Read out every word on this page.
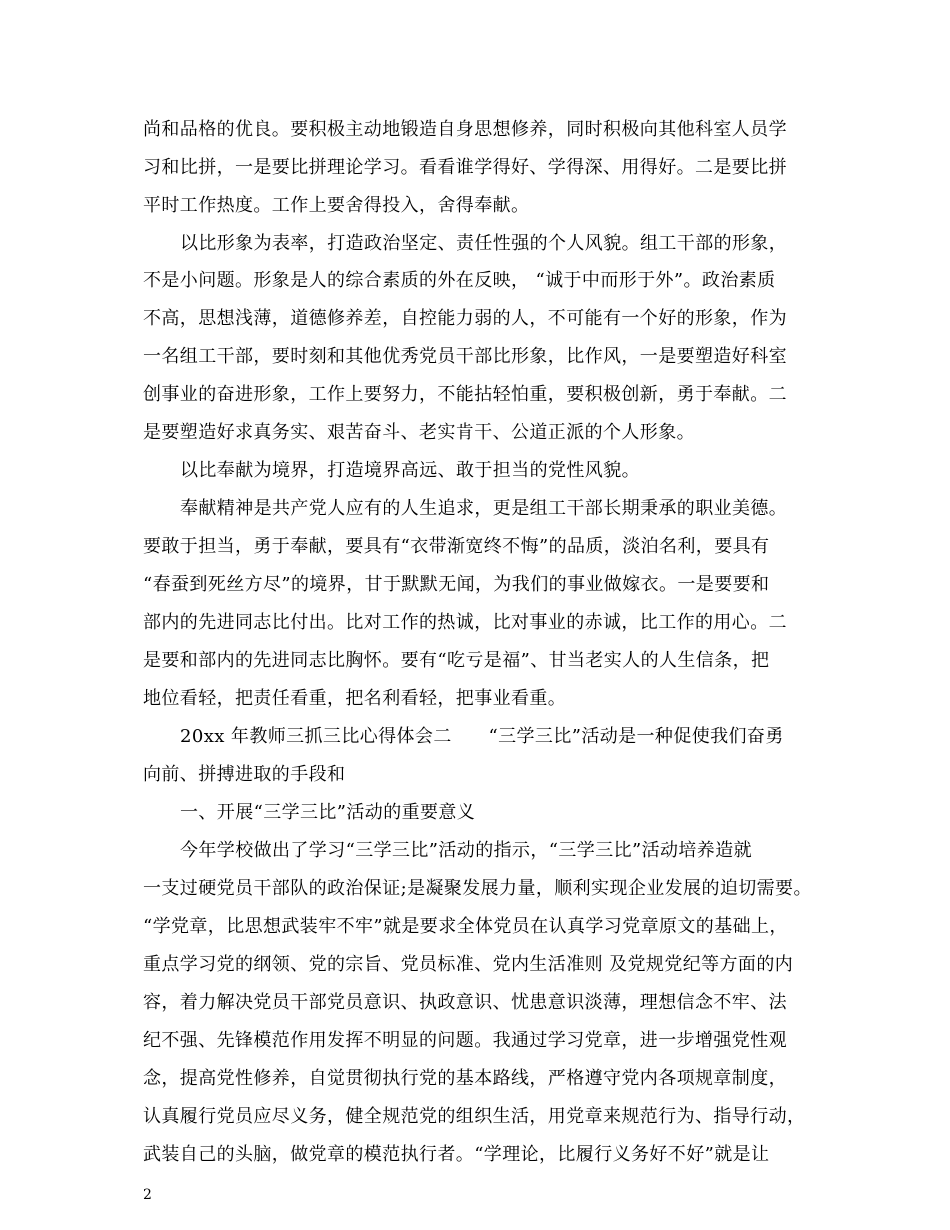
尚和品格的优良。要积极主动地锻造自身思想修养，同时积极向其他科室人员学
习和比拼，一是要比拼理论学习。看看谁学得好、学得深、用得好。二是要比拼
平时工作热度。工作上要舍得投入，舍得奉献。
以比形象为表率，打造政治坚定、责任性强的个人风貌。组工干部的形象，
不是小问题。形象是人的综合素质的外在反映， “诚于中而形于外”。政治素质
不高，思想浅薄，道德修养差，自控能力弱的人，不可能有一个好的形象，作为
一名组工干部，要时刻和其他优秀党员干部比形象，比作风，一是要塑造好科室
创事业的奋进形象，工作上要努力，不能拈轻怕重，要积极创新，勇于奉献。二
是要塑造好求真务实、艰苦奋斗、老实肯干、公道正派的个人形象。
以比奉献为境界，打造境界高远、敢于担当的党性风貌。
奉献精神是共产党人应有的人生追求，更是组工干部长期秉承的职业美德。
要敢于担当，勇于奉献，要具有“衣带渐宽终不悔”的品质，淡泊名利，要具有
“春蚕到死丝方尽”的境界，甘于默默无闻，为我们的事业做嫁衣。一是要要和
部内的先进同志比付出。比对工作的热诚，比对事业的赤诚，比工作的用心。二
是要和部内的先进同志比胸怀。要有“吃亏是福”、甘当老实人的人生信条，把
地位看轻，把责任看重，把名利看轻，把事业看重。
20xx 年教师三抓三比心得体会二　　“三学三比”活动是一种促使我们奋勇
向前、拼搏进取的手段和
一、开展“三学三比”活动的重要意义
今年学校做出了学习“三学三比”活动的指示，“三学三比”活动培养造就
一支过硬党员干部队的政治保证;是凝聚发展力量，顺利实现企业发展的迫切需要。
“学党章，比思想武装牢不牢”就是要求全体党员在认真学习党章原文的基础上，
重点学习党的纲领、党的宗旨、党员标准、党内生活准则 及党规党纪等方面的内
容，着力解决党员干部党员意识、执政意识、忧患意识淡薄，理想信念不牢、法
纪不强、先锋模范作用发挥不明显的问题。我通过学习党章，进一步增强党性观
念，提高党性修养，自觉贯彻执行党的基本路线，严格遵守党内各项规章制度，
认真履行党员应尽义务，健全规范党的组织生活，用党章来规范行为、指导行动，
武装自己的头脑，做党章的模范执行者。“学理论，比履行义务好不好”就是让
2
